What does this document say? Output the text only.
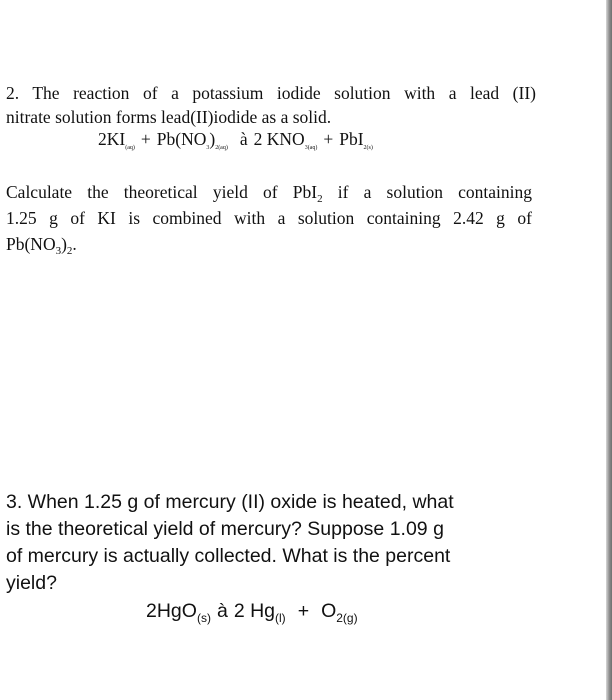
2. The reaction of a potassium iodide solution with a lead (II)

nitrate solution forms lead(II)iodide as a solid.

$2KI_{(aq)} + Pb(NO_3)_{2(aq)}$ à 2 $KNO_{3(aq)} + PbI_{2(s)}$

Calculate the theoretical yield of PbI$_2$ if a solution containing

1.25 g of KI is combined with a solution containing 2.42 g of

$Pb(NO_3)_2$.

3. When 1.25 g of mercury (II) oxide is heated, what

is the theoretical yield of mercury? Suppose 1.09 g

of mercury is actually collected. What is the percent

yield?

2HgO$_{(s)}$ à 2 $Hg_{(l)} + O_{2(g)}$
